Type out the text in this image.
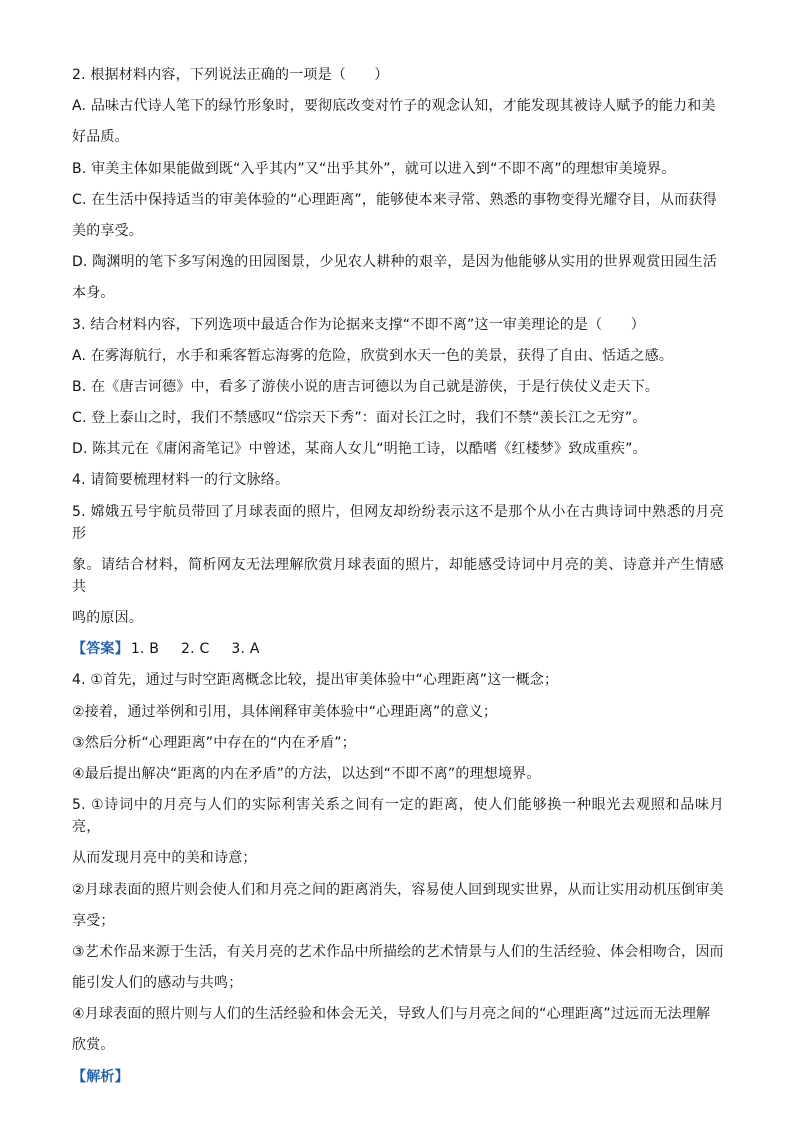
2. 根据材料内容，下列说法正确的一项是（　　）
A. 品味古代诗人笔下的绿竹形象时，要彻底改变对竹子的观念认知，才能发现其被诗人赋予的能力和美
好品质。
B. 审美主体如果能做到既“入乎其内”又“出乎其外”，就可以进入到“不即不离”的理想审美境界。
C. 在生活中保持适当的审美体验的“心理距离”，能够使本来寻常、熟悉的事物变得光耀夺目，从而获得
美的享受。
D. 陶渊明的笔下多写闲逸的田园图景，少见农人耕种的艰辛，是因为他能够从实用的世界观赏田园生活
本身。
3. 结合材料内容，下列选项中最适合作为论据来支撑“不即不离”这一审美理论的是（　　）
A. 在雾海航行，水手和乘客暂忘海雾的危险，欣赏到水天一色的美景，获得了自由、恬适之感。
B. 在《唐吉诃德》中，看多了游侠小说的唐吉诃德以为自己就是游侠，于是行侠仗义走天下。
C. 登上泰山之时，我们不禁感叹“岱宗天下秀”：面对长江之时，我们不禁“羡长江之无穷”。
D. 陈其元在《庸闲斋笔记》中曾述，某商人女儿“明艳工诗，以酷嗜《红楼梦》致成重疾”。
4. 请简要梳理材料一的行文脉络。
5. 嫦娥五号宇航员带回了月球表面的照片，但网友却纷纷表示这不是那个从小在古典诗词中熟悉的月亮形
象。请结合材料，简析网友无法理解欣赏月球表面的照片，却能感受诗词中月亮的美、诗意并产生情感共
鸣的原因。
【答案】 1. B 2. C 3. A
4. ①首先，通过与时空距离概念比较，提出审美体验中“心理距离”这一概念；
②接着，通过举例和引用，具体阐释审美体验中“心理距离”的意义；
③然后分析“心理距离”中存在的“内在矛盾”；
④最后提出解决“距离的内在矛盾”的方法，以达到“不即不离”的理想境界。
5. ①诗词中的月亮与人们的实际利害关系之间有一定的距离，使人们能够换一种眼光去观照和品味月亮，
从而发现月亮中的美和诗意；
②月球表面的照片则会使人们和月亮之间的距离消失，容易使人回到现实世界，从而让实用动机压倒审美
享受；
③艺术作品来源于生活，有关月亮的艺术作品中所描绘的艺术情景与人们的生活经验、体会相吻合，因而
能引发人们的感动与共鸣；
④月球表面的照片则与人们的生活经验和体会无关，导致人们与月亮之间的“心理距离”过远而无法理解
欣赏。
【解析】
